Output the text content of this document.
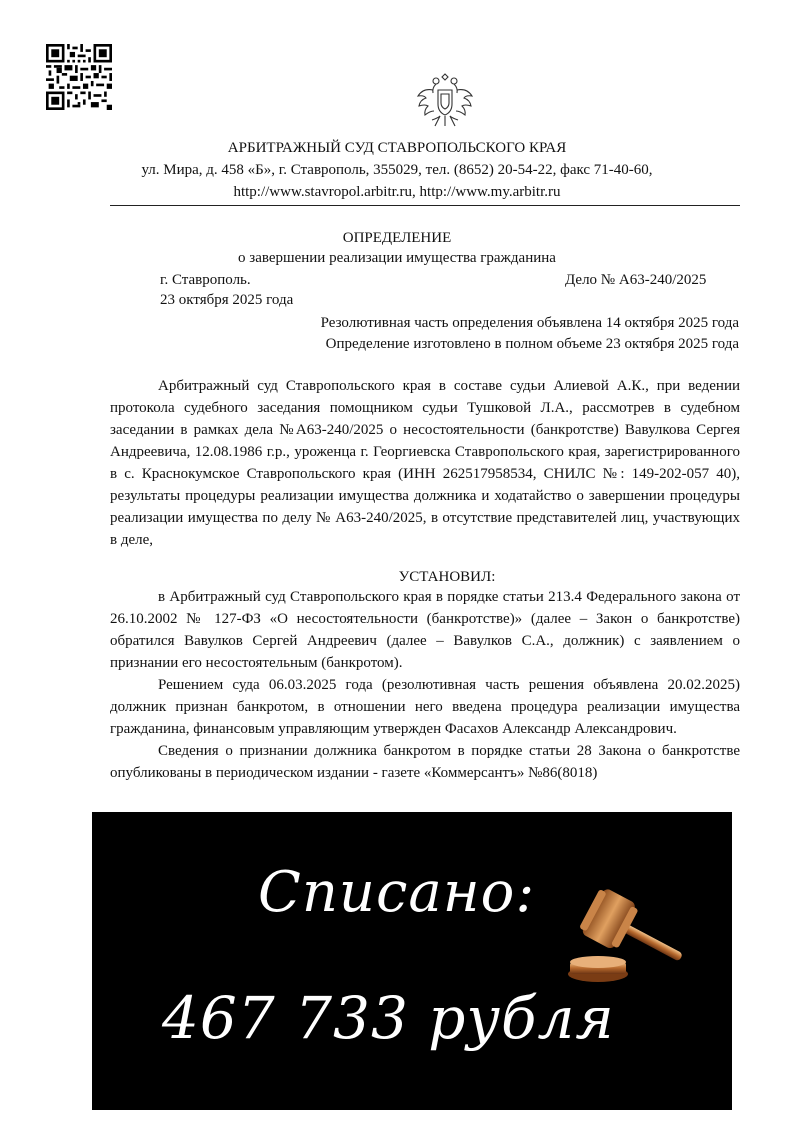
АРБИТРАЖНЫЙ СУД СТАВРОПОЛЬСКОГО КРАЯ
ул. Мира, д. 458 «Б», г. Ставрополь, 355029, тел. (8652) 20-54-22, факс 71-40-60,
http://www.stavropol.arbitr.ru, http://www.my.arbitr.ru
ОПРЕДЕЛЕНИЕ
о завершении реализации имущества гражданина
г. Ставрополь.	Дело № А63-240/2025
23 октября 2025 года
Резолютивная часть определения объявлена 14 октября 2025 года
Определение изготовлено в полном объеме 23 октября 2025 года

Арбитражный суд Ставропольского края в составе судьи Алиевой А.К., при ведении протокола судебного заседания помощником судьи Тушковой Л.А., рассмотрев в судебном заседании в рамках дела №А63-240/2025 о несостоятельности (банкротстве) Вавулкова Сергея Андреевича, 12.08.1986 г.р., уроженца г. Георгиевска Ставропольского края, зарегистрированного в с. Краснокумское Ставропольского края (ИНН 262517958534, СНИЛС №: 149-202-057 40), результаты процедуры реализации имущества должника и ходатайство о завершении процедуры реализации имущества по делу № А63-240/2025, в отсутствие представителей лиц, участвующих в деле,

УСТАНОВИЛ:

в Арбитражный суд Ставропольского края в порядке статьи 213.4 Федерального закона от 26.10.2002 № 127-ФЗ «О несостоятельности (банкротстве)» (далее – Закон о банкротстве) обратился Вавулков Сергей Андреевич (далее – Вавулков С.А., должник) с заявлением о признании его несостоятельным (банкротом).

Решением суда 06.03.2025 года (резолютивная часть решения объявлена 20.02.2025) должник признан банкротом, в отношении него введена процедура реализации имущества гражданина, финансовым управляющим утвержден Фасахов Александр Александрович.

Сведения о признании должника банкротом в порядке статьи 28 Закона о банкротстве опубликованы в периодическом издании - газете «Коммерсантъ» №86(8018)

Списано:
467 733 рубля
